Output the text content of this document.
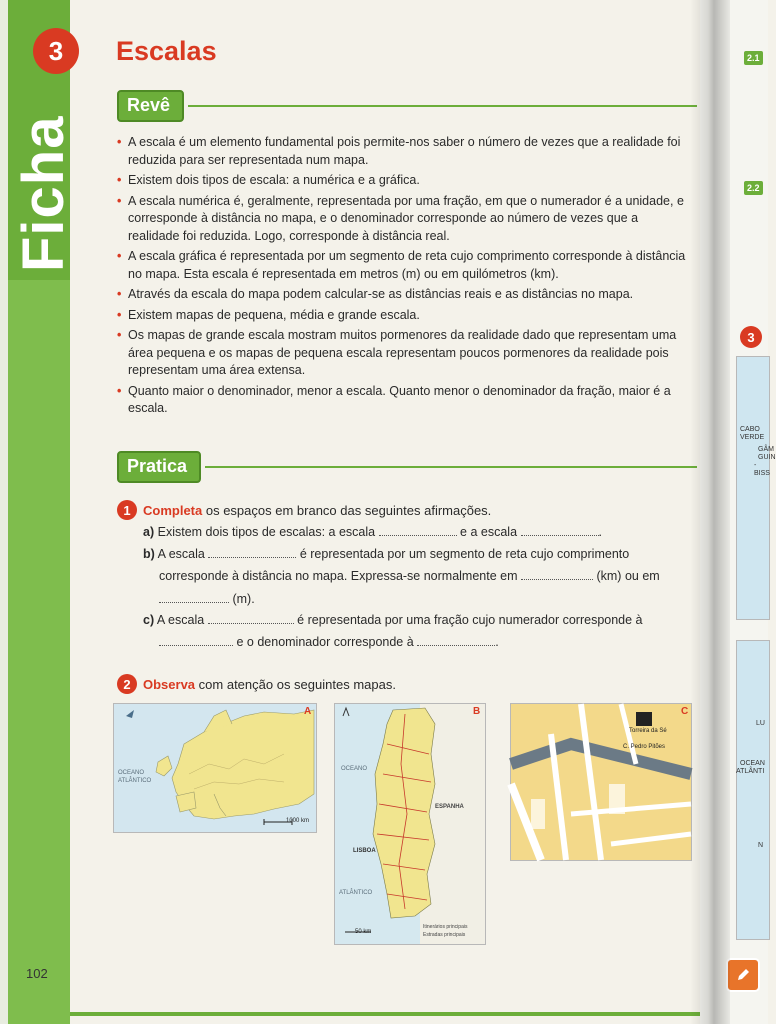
3
Ficha
102
Escalas
Revê
• A escala é um elemento fundamental pois permite-nos saber o número de vezes que a realidade foi reduzida para ser representada num mapa.
• Existem dois tipos de escala: a numérica e a gráfica.
• A escala numérica é, geralmente, representada por uma fração, em que o numerador é a unidade, e corresponde à distância no mapa, e o denominador corresponde ao número de vezes que a realidade foi reduzida. Logo, corresponde à distância real.
• A escala gráfica é representada por um segmento de reta cujo comprimento corresponde à distância no mapa. Esta escala é representada em metros (m) ou em quilómetros (km).
• Através da escala do mapa podem calcular-se as distâncias reais e as distâncias no mapa.
• Existem mapas de pequena, média e grande escala.
• Os mapas de grande escala mostram muitos pormenores da realidade dado que representam uma área pequena e os mapas de pequena escala representam poucos pormenores da realidade pois representam uma área extensa.
• Quanto maior o denominador, menor a escala. Quanto menor o denominador da fração, maior é a escala.
Pratica
1 Completa os espaços em branco das seguintes afirmações.
a) Existem dois tipos de escalas: a escala	e a escala	.
b) A escala	é representada por um segmento de reta cujo comprimento
corresponde à distância no mapa. Expressa-se normalmente em	(km) ou em
(m).
c) A escala	é representada por uma fração cujo numerador corresponde à
e o denominador corresponde à	.
2 Observa com atenção os seguintes mapas.
A
OCEANO
ATLÂNTICO
1000 km
B
OCEANO
ATLÂNTICO
ESPANHA
LISBOA
50 km
Itinerários principais
Estradas principais
C
Torreira da Sé
C. Pedro Pitões
2.1
2.2
3
CABO
VERDE
GÂM
GUIN
-BISS
LU
OCEAN
ATLÂNTI
N
